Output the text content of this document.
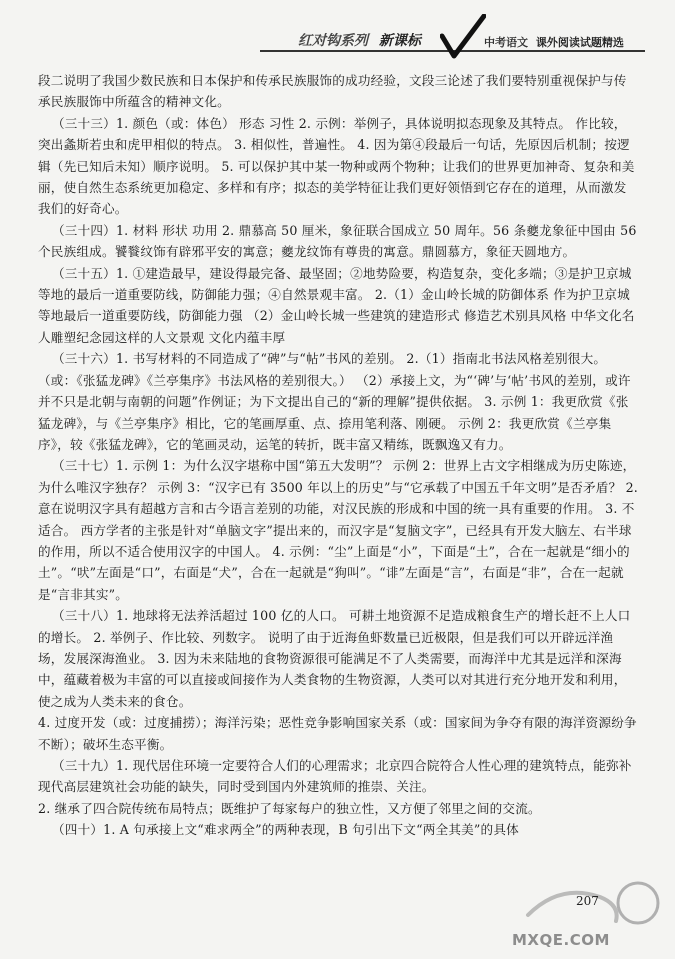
红对钩系列 新课标	中考语文 课外阅读试题精选

段二说明了我国少数民族和日本保护和传承民族服饰的成功经验，文段三论述了我们要特别重视保护与传承民族服饰中所蕴含的精神文化。

（三十三）1. 颜色（或：体色） 形态 习性 2. 示例：举例子，具体说明拟态现象及其特点。 作比较，突出螽斯若虫和虎甲相似的特点。 3. 相似性，普遍性。 4. 因为第④段最后一句话，先原因后机制；按逻辑（先已知后未知）顺序说明。 5. 可以保护其中某一物种或两个物种；让我们的世界更加神奇、复杂和美丽，使自然生态系统更加稳定、多样和有序；拟态的美学特征让我们更好领悟到它存在的道理，从而激发我们的好奇心。

（三十四）1. 材料 形状 功用 2. 鼎慕高 50 厘米，象征联合国成立 50 周年。56 条夔龙象征中国由 56 个民族组成。饕餮纹饰有辟邪平安的寓意；夔龙纹饰有尊贵的寓意。鼎圆慕方，象征天圆地方。

（三十五）1. ①建造最早，建设得最完备、最坚固；②地势险要，构造复杂，变化多端；③是护卫京城等地的最后一道重要防线，防御能力强；④自然景观丰富。 2.（1）金山岭长城的防御体系 作为护卫京城等地最后一道重要防线，防御能力强 （2）金山岭长城一些建筑的建造形式 修造艺术别具风格 中华文化名人雕塑纪念园这样的人文景观 文化内蕴丰厚

（三十六）1. 书写材料的不同造成了“碑”与“帖”书风的差别。 2.（1）指南北书法风格差别很大。（或：《张猛龙碑》《兰亭集序》书法风格的差别很大。） （2）承接上文，为“‘碑’与‘帖’书风的差别，或许并不只是北朝与南朝的问题”作例证；为下文提出自己的“新的理解”提供依据。 3. 示例 1：我更欣赏《张猛龙碑》，与《兰亭集序》相比，它的笔画厚重、点、捺用笔利落、刚硬。 示例 2：我更欣赏《兰亭集序》，较《张猛龙碑》，它的笔画灵动，运笔的转折，既丰富又精练，既飘逸又有力。

（三十七）1. 示例 1：为什么汉字堪称中国“第五大发明”？ 示例 2：世界上古文字相继成为历史陈迹，为什么唯汉字独存？ 示例 3：“汉字已有 3500 年以上的历史”与“它承载了中国五千年文明”是否矛盾？ 2. 意在说明汉字具有超越方言和古今语言差别的功能，对汉民族的形成和中国的统一具有重要的作用。 3. 不适合。 西方学者的主张是针对“单脑文字”提出来的，而汉字是“复脑文字”，已经具有开发大脑左、右半球的作用，所以不适合使用汉字的中国人。 4. 示例：“尘”上面是“小”，下面是“土”，合在一起就是“细小的土”。“吠”左面是“口”，右面是“犬”，合在一起就是“狗叫”。“诽”左面是“言”，右面是“非”，合在一起就是“言非其实”。

（三十八）1. 地球将无法养活超过 100 亿的人口。 可耕土地资源不足造成粮食生产的增长赶不上人口的增长。 2. 举例子、作比较、列数字。 说明了由于近海鱼虾数量已近极限，但是我们可以开辟远洋渔场，发展深海渔业。 3. 因为未来陆地的食物资源很可能满足不了人类需要，而海洋中尤其是远洋和深海中，蕴藏着极为丰富的可以直接或间接作为人类食物的生物资源，人类可以对其进行充分地开发和利用，使之成为人类未来的食仓。

4. 过度开发（或：过度捕捞）；海洋污染；恶性竞争影响国家关系（或：国家间为争夺有限的海洋资源纷争不断）；破坏生态平衡。

（三十九）1. 现代居住环境一定要符合人们的心理需求；北京四合院符合人性心理的建筑特点，能弥补现代高层建筑社会功能的缺失，同时受到国内外建筑师的推崇、关注。

2. 继承了四合院传统布局特点；既维护了每家每户的独立性，又方便了邻里之间的交流。

（四十）1. A 句承接上文“难求两全”的两种表现，B 句引出下文“两全其美”的具体

MXQE.COM
207
